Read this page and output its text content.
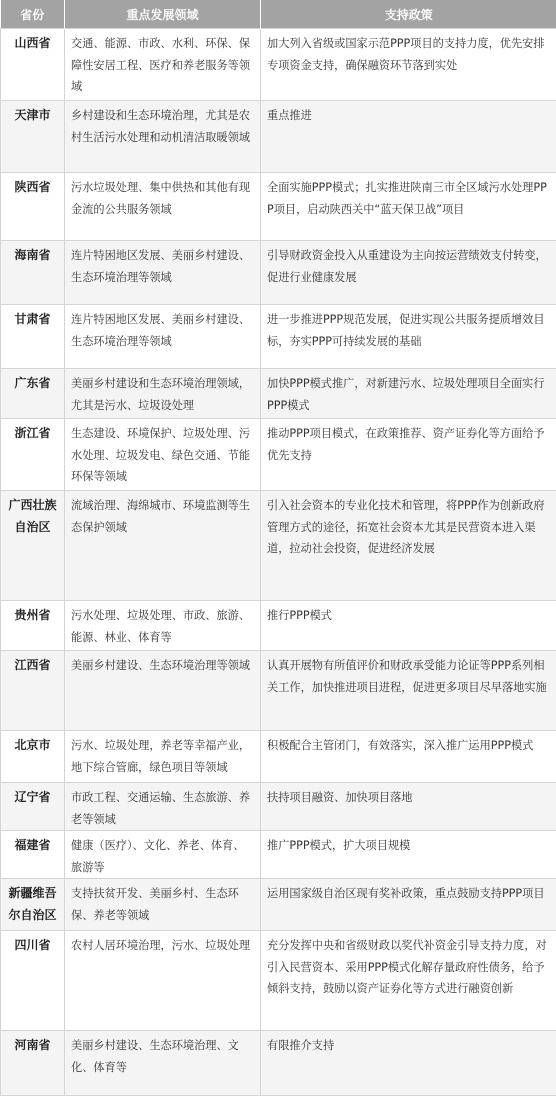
省份	重点发展领域	支持政策
山西省	交通、能源、市政、水利、环保、保障性安居工程、医疗和养老服务等领域	加大列入省级或国家示范PPP项目的支持力度，优先安排专项资金支持，确保融资环节落到实处
天津市	乡村建设和生态环境治理，尤其是农村生活污水处理和动机清洁取暖领域	重点推进
陕西省	污水垃圾处理、集中供热和其他有现金流的公共服务领域	全面实施PPP模式；扎实推进陕南三市全区域污水处理PPP项目，启动陕西关中“蓝天保卫战”项目
海南省	连片特困地区发展、美丽乡村建设、生态环境治理等领域	引导财政资金投入从重建设为主向按运营绩效支付转变，促进行业健康发展
甘肃省	连片特困地区发展、美丽乡村建设、生态环境治理等领域	进一步推进PPP规范发展，促进实现公共服务提质增效目标，夯实PPP可持续发展的基础
广东省	美丽乡村建设和生态环境治理领域，尤其是污水、垃圾设处理	加快PPP模式推广，对新建污水、垃圾处理项目全面实行PPP模式
浙江省	生态建设、环境保护、垃圾处理、污水处理、垃圾发电、绿色交通、节能环保等领域	推动PPP项目模式，在政策推荐、资产证券化等方面给予优先支持
广西壮族自治区	流域治理、海绵城市、环境监测等生态保护领域	引入社会资本的专业化技术和管理，将PPP作为创新政府管理方式的途径，拓宽社会资本尤其是民营资本进入渠道，拉动社会投资，促进经济发展
贵州省	污水处理、垃圾处理、市政、旅游、能源、林业、体育等	推行PPP模式
江西省	美丽乡村建设、生态环境治理等领域	认真开展物有所值评价和财政承受能力论证等PPP系列相关工作，加快推进项目进程，促进更多项目尽早落地实施
北京市	污水、垃圾处理，养老等幸福产业，地下综合管廊，绿色项目等领域	积极配合主管闭门，有效落实，深入推广运用PPP模式
辽宁省	市政工程、交通运输、生态旅游、养老等领域	扶持项目融资、加快项目落地
福建省	健康（医疗）、文化、养老、体育、旅游等	推广PPP模式，扩大项目规模
新疆维吾尔自治区	支持扶贫开发、美丽乡村、生态环保、养老等领域	运用国家级自治区现有奖补政策，重点鼓励支持PPP项目
四川省	农村人居环境治理，污水、垃圾处理	充分发挥中央和省级财政以奖代补资金引导支持力度，对引入民营资本、采用PPP模式化解存量政府性债务，给予倾斜支持，鼓励以资产证券化等方式进行融资创新
河南省	美丽乡村建设、生态环境治理、文化、体育等	有限推介支持
